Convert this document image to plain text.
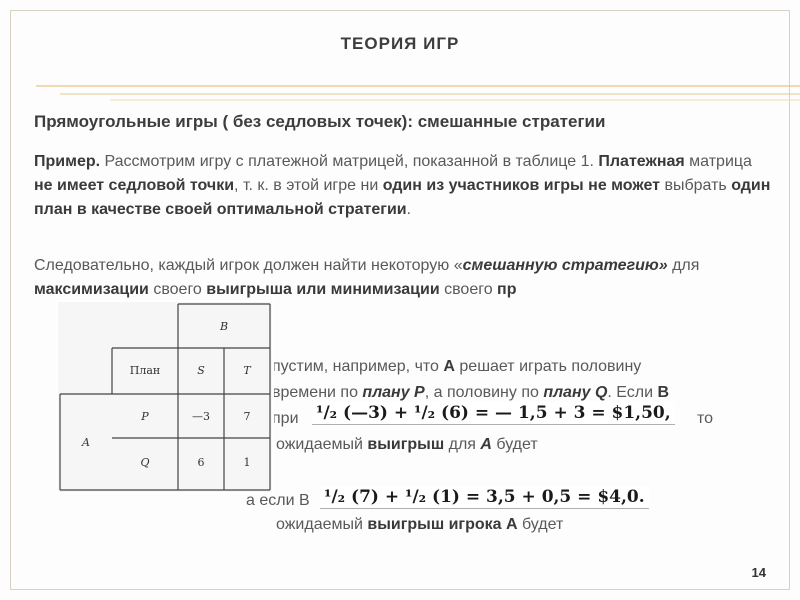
ТЕОРИЯ ИГР
Прямоугольные игры ( без седловых точек): смешанные стратегии
Пример. Рассмотрим игру с платежной матрицей, показанной в таблице 1. Платежная матрица не имеет седловой точки, т. к. в этой игре ни один из участников игры не может выбрать один план в качестве своей оптимальной стратегии.
Следовательно, каждый игрок должен найти некоторую «смешанную стратегию» для максимизации своего выигрыша или минимизации своего пр
пустим, например, что А решает играть половину
времени по плану P, а половину по плану Q. Если B
при	то
ожидаемый выигрыш для А будет
а если В
ожидаемый выигрыш игрока А будет
¹/₂ (—3) + ¹/₂ (6) = — 1,5 + 3 = $1,50,
¹/₂ (7) + ¹/₂ (1) = 3,5 + 0,5 = $4,0.
B
План	S	T
A
P	—3	7
Q	6	1
14
